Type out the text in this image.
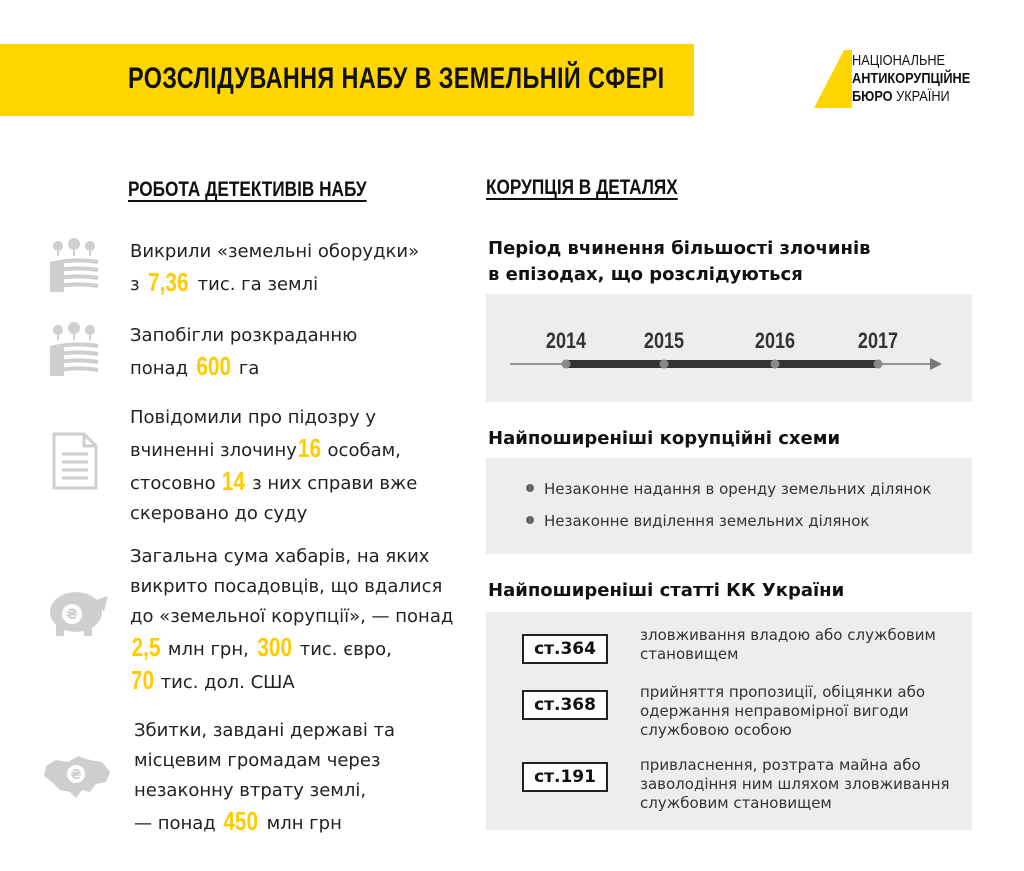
РОЗСЛІДУВАННЯ НАБУ В ЗЕМЕЛЬНІЙ СФЕРІ
НАЦІОНАЛЬНЕ
АНТИКОРУПЦІЙНЕ
БЮРО УКРАЇНИ
РОБОТА ДЕТЕКТИВІВ НАБУ
Викрили «земельні оборудки»
з 7,36 тис. га землі
Запобігли розкраданню
понад 600 га
Повідомили про підозру у
вчиненні злочину16 особам,
стосовно 14 з них справи вже
скеровано до суду
₴
Загальна сума хабарів, на яких
викрито посадовців, що вдалися
до «земельної корупції», — понад
2,5 млн грн, 300 тис. євро,
70 тис. дол. США
₴
Збитки, завдані державі та
місцевим громадам через
незаконну втрату землі,
— понад 450 млн грн
КОРУПЦІЯ В ДЕТАЛЯХ
Період вчинення більшості злочинів
в епізодах, що розслідуються
2014	2015	2016	2017
Найпоширеніші корупційні схеми
Незаконне надання в оренду земельних ділянок
Незаконне виділення земельних ділянок
Найпоширеніші статті КК України
ст.364
зловживання владою або службовим
становищем
ст.368
прийняття пропозиції, обіцянки або
одержання неправомірної вигоди
службовою особою
ст.191
привласнення, розтрата майна або
заволодіння ним шляхом зловживання
службовим становищем
